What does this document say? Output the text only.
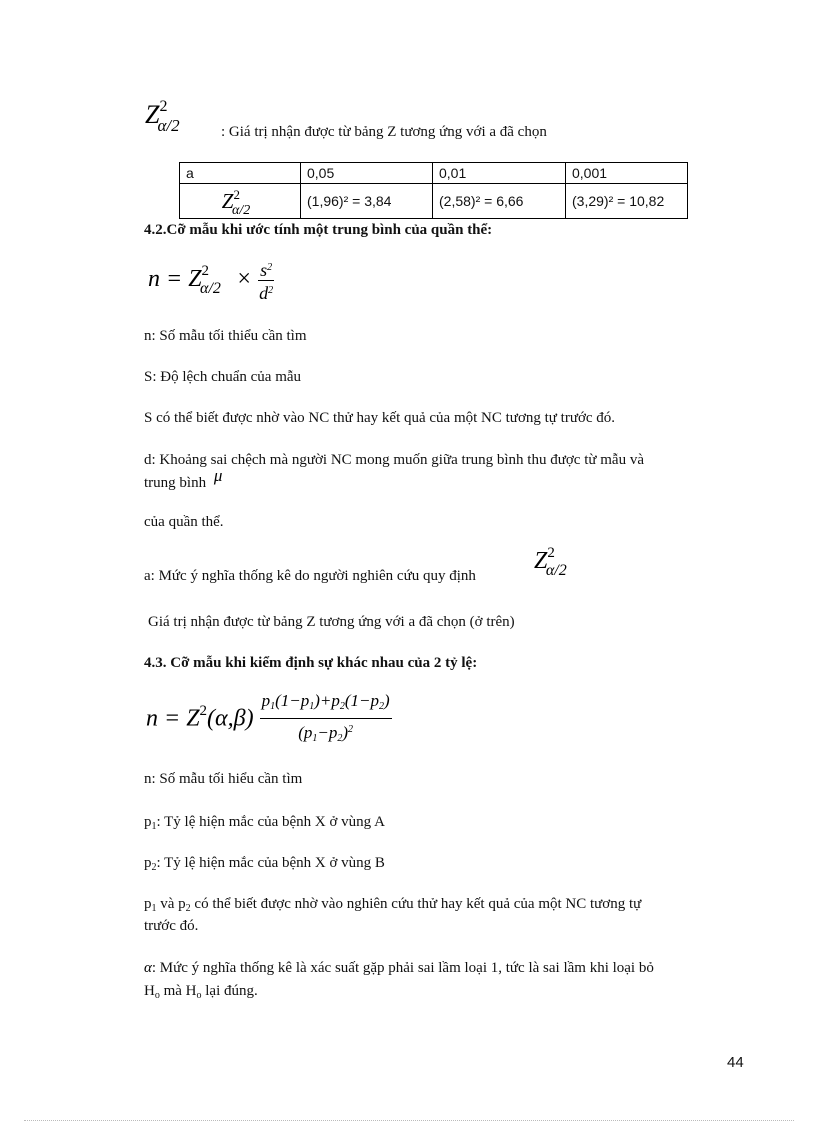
$Z^2_{\alpha/2}$	: Giá trị nhận được từ bảng Z tương ứng với a đã chọn
a	0,05	0,01	0,001
$Z^2_{\alpha/2}$	(1,96)² = 3,84	(2,58)² = 6,66	(3,29)² = 10,82
4.2.Cỡ mẫu khi ước tính một trung bình của quần thể:
$n = Z^2_{\alpha/2} \times \frac{s^2}{d^2}$
n: Số mẫu tối thiểu cần tìm
S: Độ lệch chuẩn của mẫu
S có thể biết được nhờ vào NC thử hay kết quả của một NC tương tự trước đó.
d: Khoảng sai chệch mà người NC mong muốn giữa trung bình thu được từ mẫu và
trung bình μ
của quần thể.
a: Mức ý nghĩa thống kê do người nghiên cứu quy định
$Z^2_{\alpha/2}$
Giá trị nhận được từ bảng Z tương ứng với a đã chọn (ở trên)
4.3. Cỡ mẫu khi kiểm định sự khác nhau của 2 tỷ lệ:
$n = Z^2(\alpha,\beta) \frac{p_1(1-p_1)+p_2(1-p_2)}{(p_1-p_2)^2}$
n: Số mẫu tối hiểu cần tìm
$p_1$: Tỷ lệ hiện mắc của bệnh X ở vùng A
$p_2$: Tỷ lệ hiện mắc của bệnh X ở vùng B
$p_1$ và $p_2$ có thể biết được nhờ vào nghiên cứu thử hay kết quả của một NC tương tự
trước đó.
α: Mức ý nghĩa thống kê là xác suất gặp phải sai lầm loại 1, tức là sai lầm khi loại bỏ
$H_o$ mà $H_o$ lại đúng.
44
